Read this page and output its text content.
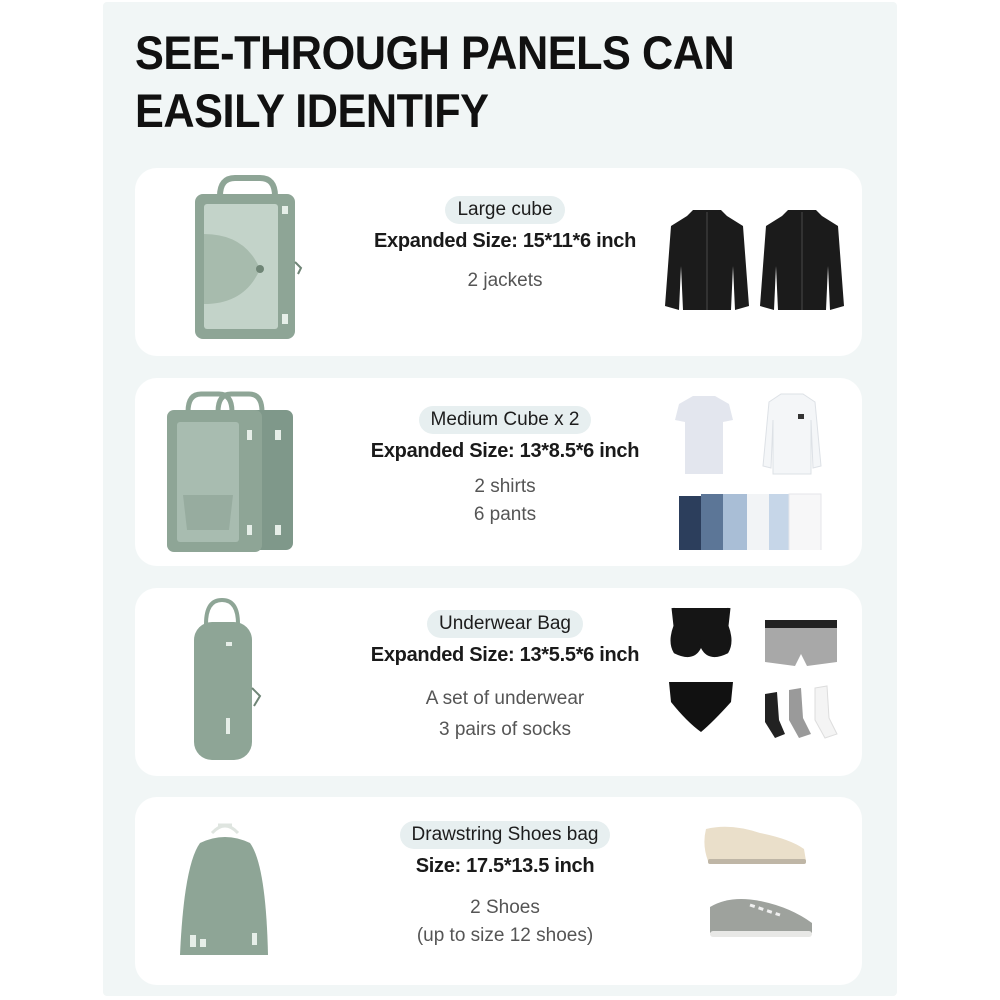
SEE-THROUGH PANELS CAN
EASILY IDENTIFY
Large cube
Expanded Size: 15*11*6 inch
2 jackets
Medium Cube x 2
Expanded Size: 13*8.5*6 inch
2 shirts
6 pants
Underwear Bag
Expanded Size: 13*5.5*6 inch
A set of underwear
3 pairs of socks
Drawstring Shoes bag
Size: 17.5*13.5 inch
2 Shoes
(up to size 12 shoes)
